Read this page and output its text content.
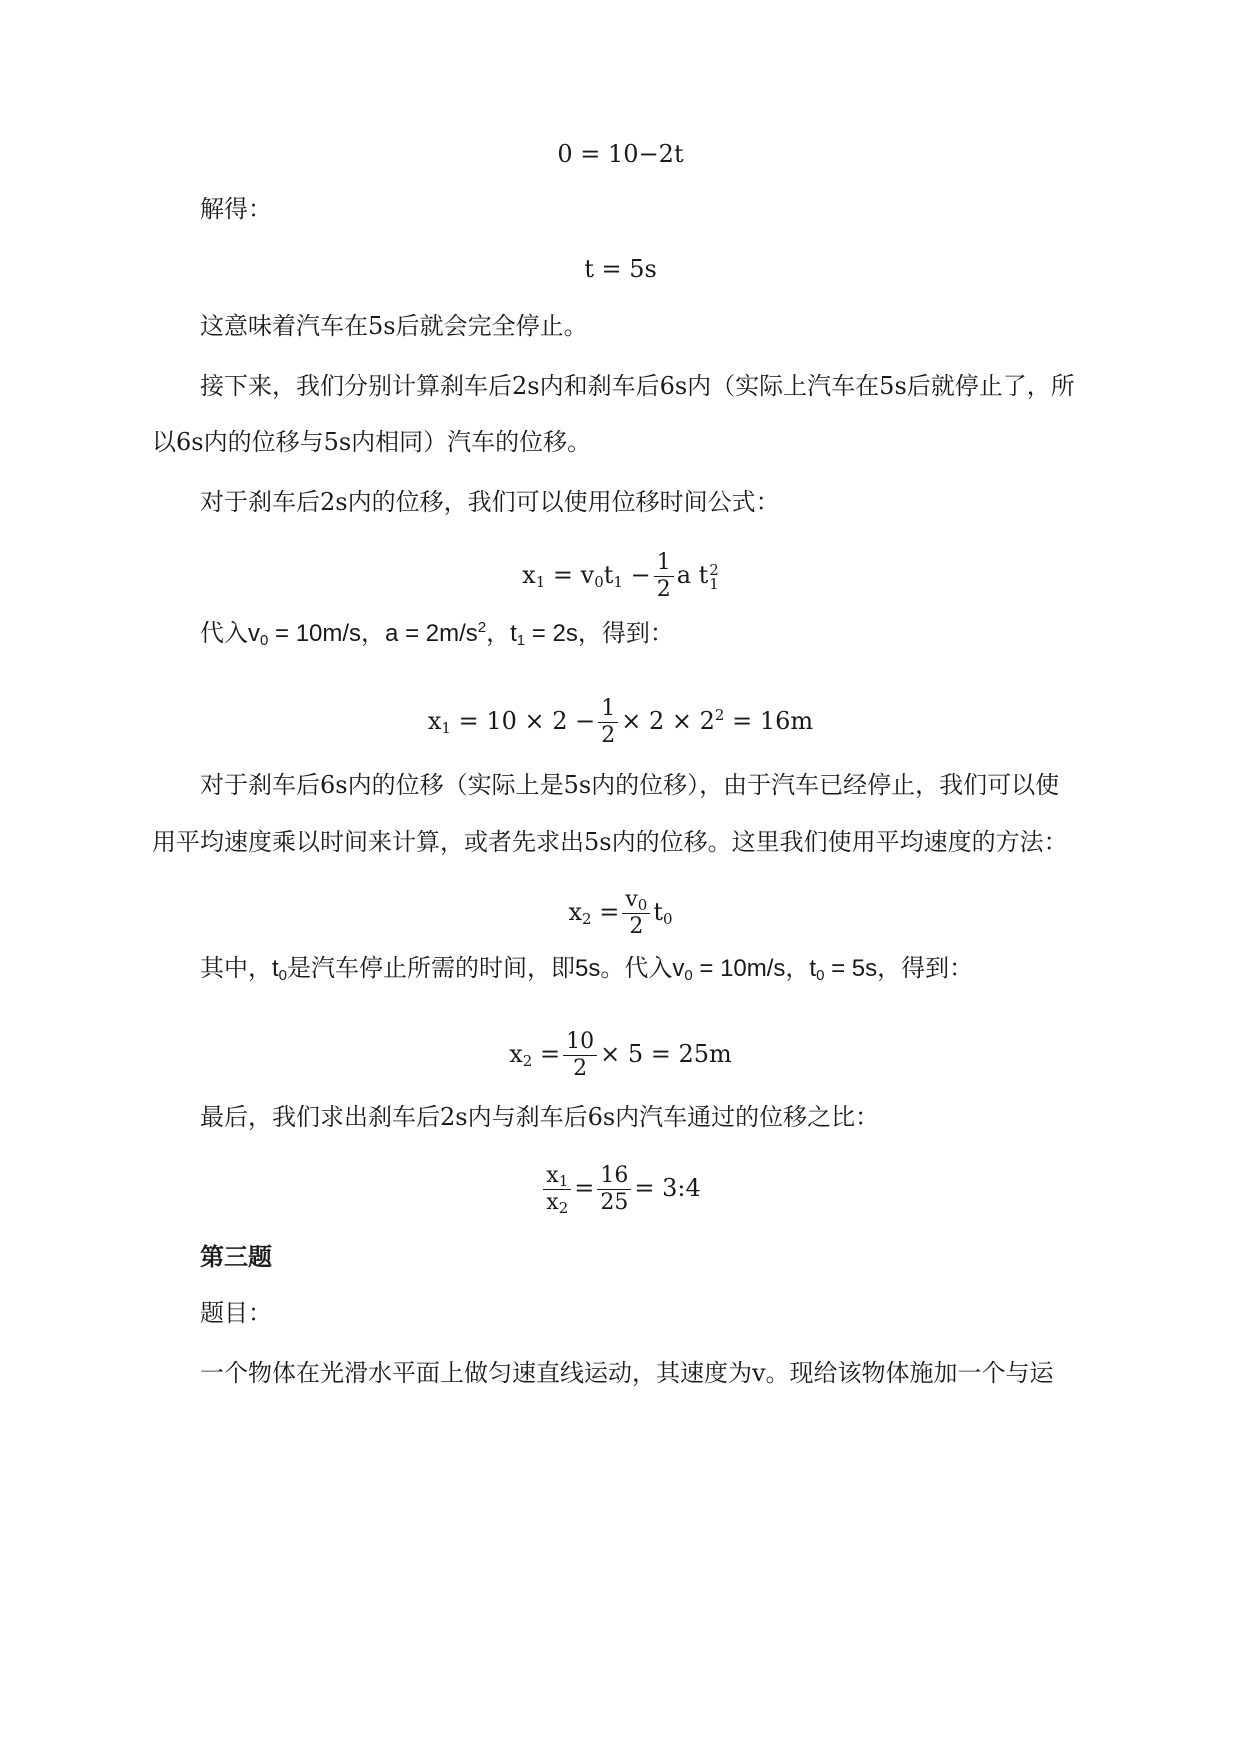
0 = 10−2t
解得：
t = 5s
这意味着汽车在5s后就会完全停止。
接下来，我们分别计算刹车后2s内和刹车后6s内（实际上汽车在5s后就停止了，所
以6s内的位移与5s内相同）汽车的位移。
对于刹车后2s内的位移，我们可以使用位移时间公式：
$x_1 = v_0t_1 - \frac{1}{2}$ a t 2
1
代入$v_0 = 10m/s$，$a = 2m/s^2$，$t_1 = 2s$，得到：
$x_1 = 10 \times 2 - \frac{1}{2} \times 2 \times 2^2 = 16m$
对于刹车后6s内的位移（实际上是5s内的位移），由于汽车已经停止，我们可以使
用平均速度乘以时间来计算，或者先求出5s内的位移。这里我们使用平均速度的方法：
$x_2 = \frac{v_0}{2} t_0$
其中，$t_0$是汽车停止所需的时间，即5s。代入$v_0 = 10m/s$，$t_0 = 5s$，得到：
$x_2 = \frac{10}{2} \times 5 = 25m$
最后，我们求出刹车后2s内与刹车后6s内汽车通过的位移之比：
$\frac{x_1}{x_2} = \frac{16}{25}$ = 3:4
第三题
题目：
一个物体在光滑水平面上做匀速直线运动，其速度为v。现给该物体施加一个与运
